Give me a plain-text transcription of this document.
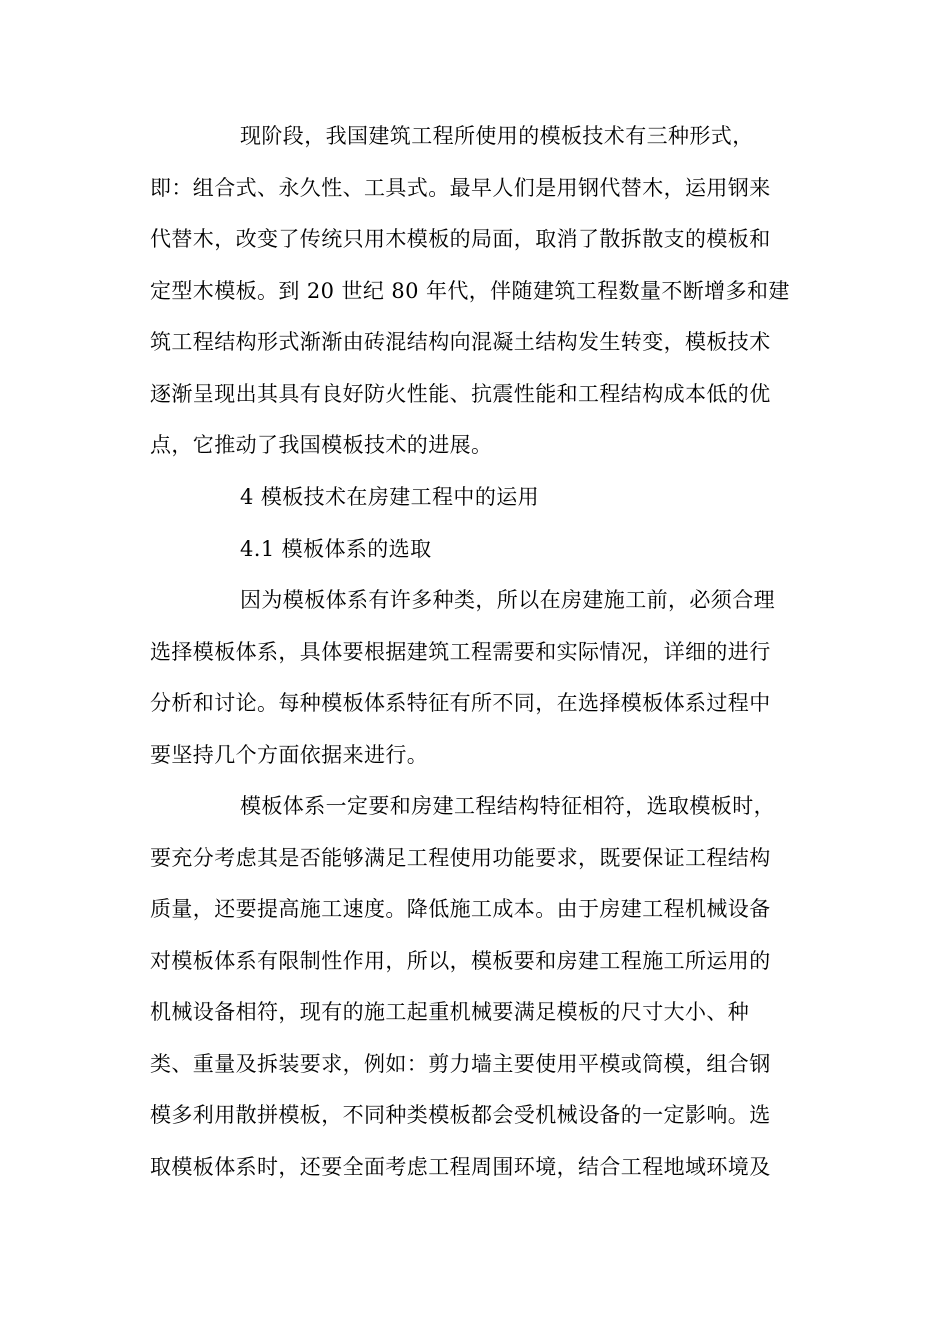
现阶段，我国建筑工程所使用的模板技术有三种形式，
即：组合式、永久性、工具式。最早人们是用钢代替木，运用钢来
代替木，改变了传统只用木模板的局面，取消了散拆散支的模板和
定型木模板。到 20 世纪 80 年代，伴随建筑工程数量不断增多和建
筑工程结构形式渐渐由砖混结构向混凝土结构发生转变，模板技术
逐渐呈现出其具有良好防火性能、抗震性能和工程结构成本低的优
点，它推动了我国模板技术的进展。
4 模板技术在房建工程中的运用
4.1 模板体系的选取
因为模板体系有许多种类，所以在房建施工前，必须合理
选择模板体系，具体要根据建筑工程需要和实际情况，详细的进行
分析和讨论。每种模板体系特征有所不同，在选择模板体系过程中
要坚持几个方面依据来进行。
模板体系一定要和房建工程结构特征相符，选取模板时，
要充分考虑其是否能够满足工程使用功能要求，既要保证工程结构
质量，还要提高施工速度。降低施工成本。由于房建工程机械设备
对模板体系有限制性作用，所以，模板要和房建工程施工所运用的
机械设备相符，现有的施工起重机械要满足模板的尺寸大小、种
类、重量及拆装要求，例如：剪力墙主要使用平模或筒模，组合钢
模多利用散拼模板，不同种类模板都会受机械设备的一定影响。选
取模板体系时，还要全面考虑工程周围环境，结合工程地域环境及
